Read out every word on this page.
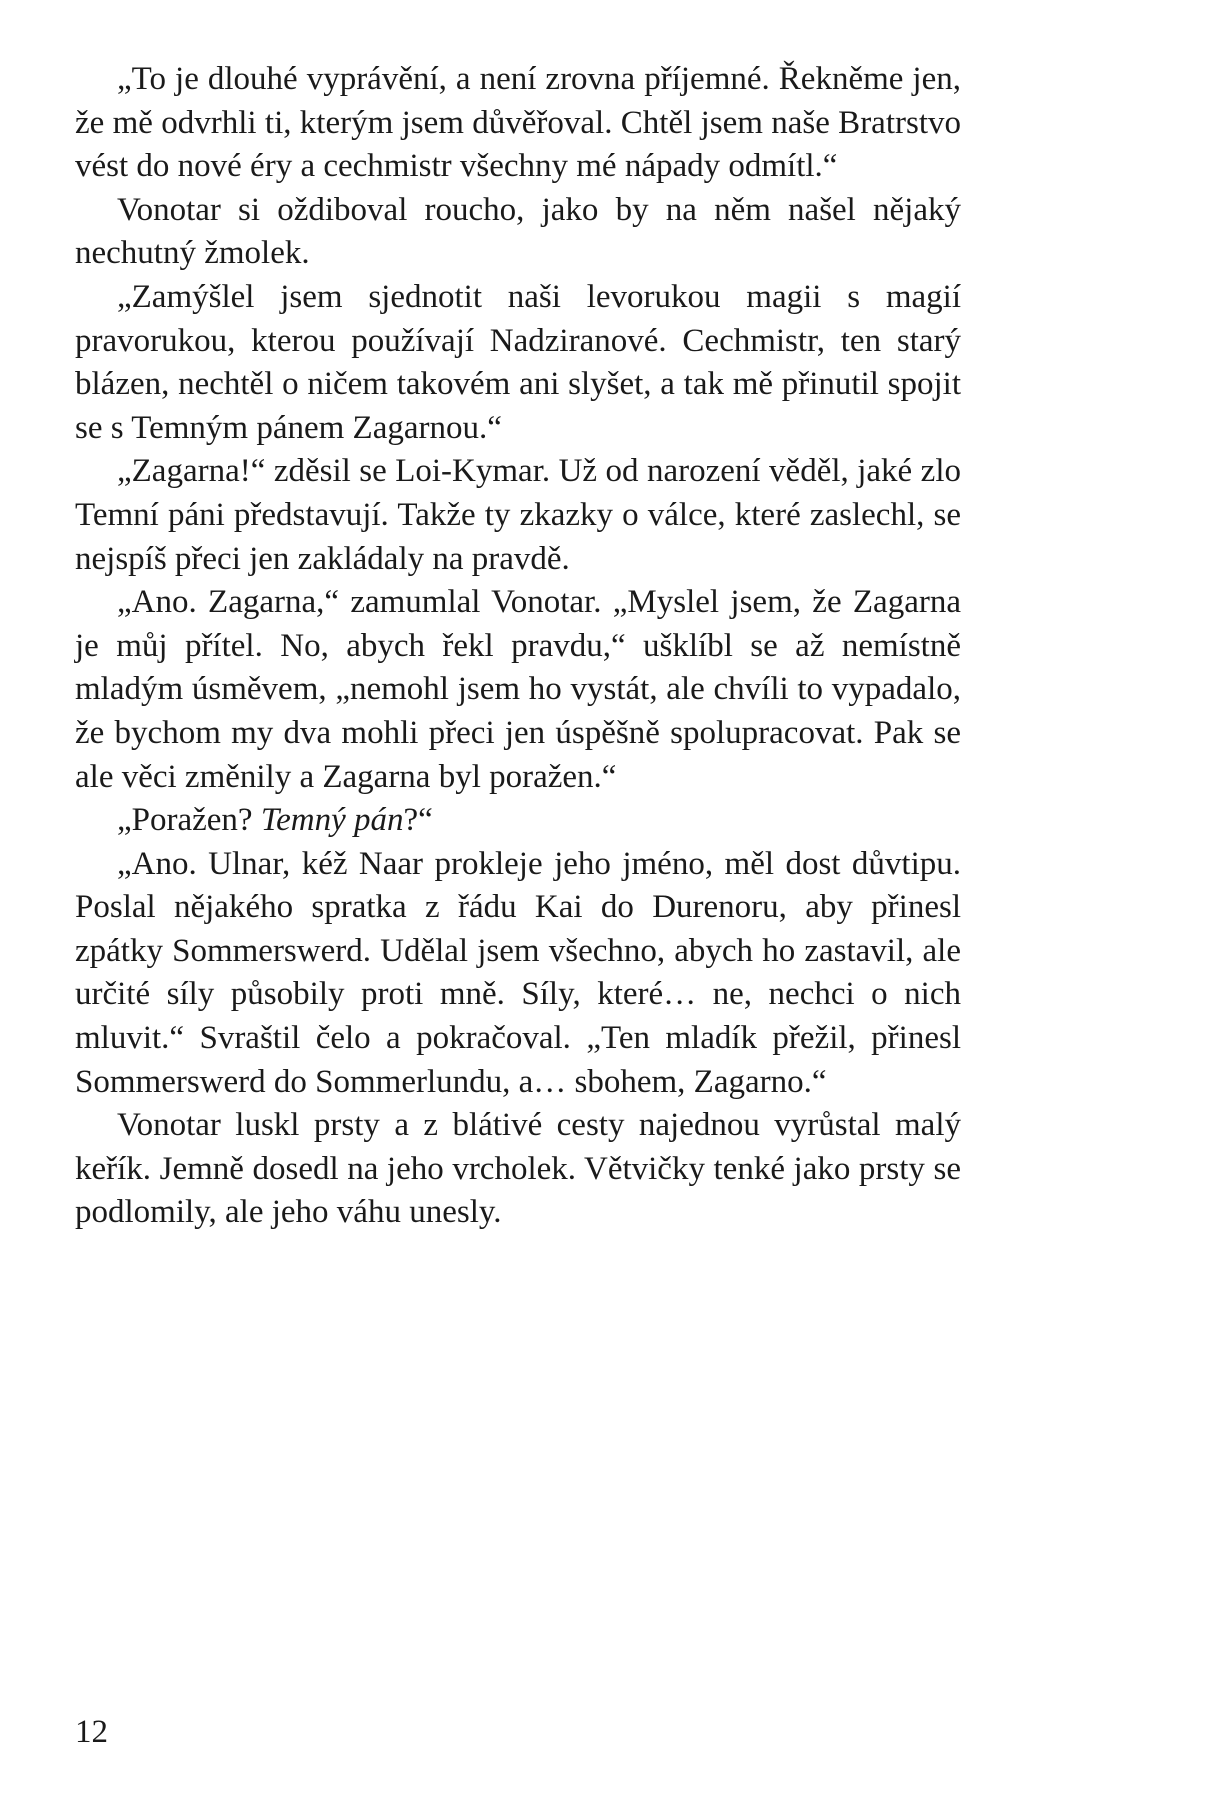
„To je dlouhé vyprávění, a není zrovna příjemné. Řekněme jen, že mě odvrhli ti, kterým jsem důvěřoval. Chtěl jsem naše Bratrstvo vést do nové éry a cechmistr všechny mé nápady odmítl.“

Vonotar si oždiboval roucho, jako by na něm našel nějaký nechutný žmolek.

„Zamýšlel jsem sjednotit naši levorukou magii s magií pravorukou, kterou používají Nadziranové. Cechmistr, ten starý blázen, nechtěl o ničem takovém ani slyšet, a tak mě přinutil spojit se s Temným pánem Zagarnou.“

„Zagarna!“ zděsil se Loi-Kymar. Už od narození věděl, jaké zlo Temní páni představují. Takže ty zkazky o válce, které zaslechl, se nejspíš přeci jen zakládaly na pravdě.

„Ano. Zagarna,“ zamumlal Vonotar. „Myslel jsem, že Zagarna je můj přítel. No, abych řekl pravdu,“ ušklíbl se až nemístně mladým úsměvem, „nemohl jsem ho vystát, ale chvíli to vypadalo, že bychom my dva mohli přeci jen úspěšně spolupracovat. Pak se ale věci změnily a Zagarna byl poražen.“

„Poražen? Temný pán?“

„Ano. Ulnar, kéž Naar prokleje jeho jméno, měl dost důvtipu. Poslal nějakého spratka z řádu Kai do Durenoru, aby přinesl zpátky Sommerswerd. Udělal jsem všechno, abych ho zastavil, ale určité síly působily proti mně. Síly, které… ne, nechci o nich mluvit.“ Svraštil čelo a pokračoval. „Ten mladík přežil, přinesl Sommerswerd do Sommerlundu, a… sbohem, Zagarno.“

Vonotar luskl prsty a z blátivé cesty najednou vyrůstal malý keřík. Jemně dosedl na jeho vrcholek. Větvičky tenké jako prsty se podlomily, ale jeho váhu unesly.

12
